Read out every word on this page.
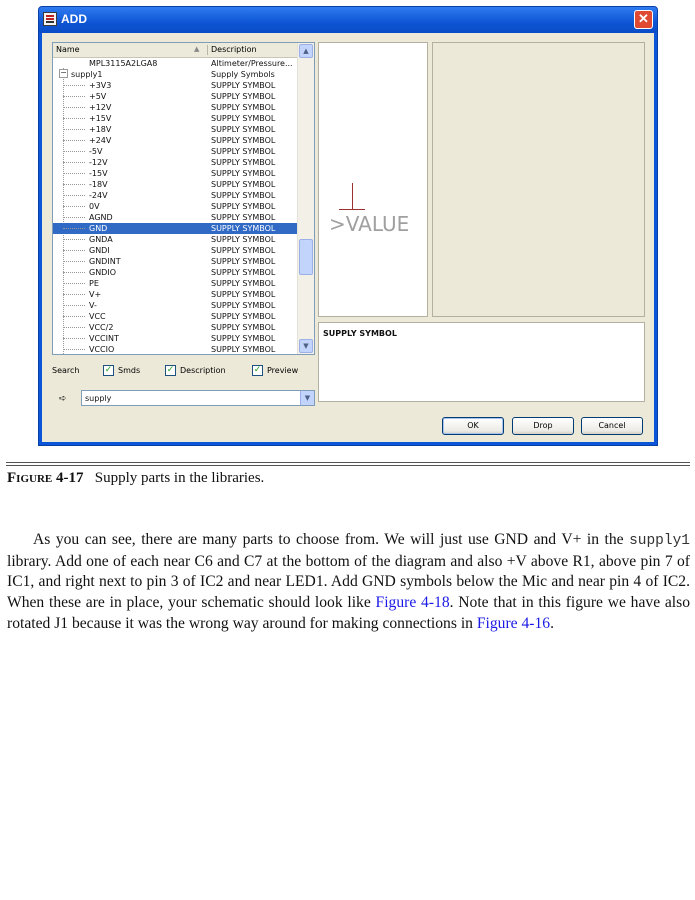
ADD	✕
Name	▲ Description
−
MPL3115A2LGA8	Altimeter/Pressure...
supply1	Supply Symbols
+3V3	SUPPLY SYMBOL
+5V	SUPPLY SYMBOL
+12V	SUPPLY SYMBOL
+15V	SUPPLY SYMBOL
+18V	SUPPLY SYMBOL
+24V	SUPPLY SYMBOL
-5V	SUPPLY SYMBOL
-12V	SUPPLY SYMBOL
-15V	SUPPLY SYMBOL
-18V	SUPPLY SYMBOL
-24V	SUPPLY SYMBOL
0V	SUPPLY SYMBOL
AGND	SUPPLY SYMBOL
GND	SUPPLY SYMBOL
GNDA	SUPPLY SYMBOL
GNDI	SUPPLY SYMBOL
GNDINT	SUPPLY SYMBOL
GNDIO	SUPPLY SYMBOL
PE	SUPPLY SYMBOL
V+	SUPPLY SYMBOL
V-	SUPPLY SYMBOL
VCC	SUPPLY SYMBOL
VCC/2	SUPPLY SYMBOL
VCCINT	SUPPLY SYMBOL
VCCIO	SUPPLY SYMBOL
▲
▼
Search	✓ Smds	✓ Description	✓ Preview
➪	supply	▼
>VALUE
SUPPLY SYMBOL
OK	Drop	Cancel
Figure 4-17 Supply parts in the libraries.

As you can see, there are many parts to choose from. We will just use GND and V+ in the supply1 library. Add one of each near C6 and C7 at the bottom of the diagram and also +V above R1, above pin 7 of IC1, and right next to pin 3 of IC2 and near LED1. Add GND symbols below the Mic and near pin 4 of IC2. When these are in place, your schematic should look like Figure 4-18. Note that in this figure we have also rotated J1 because it was the wrong way around for making connections in Figure 4-16.
